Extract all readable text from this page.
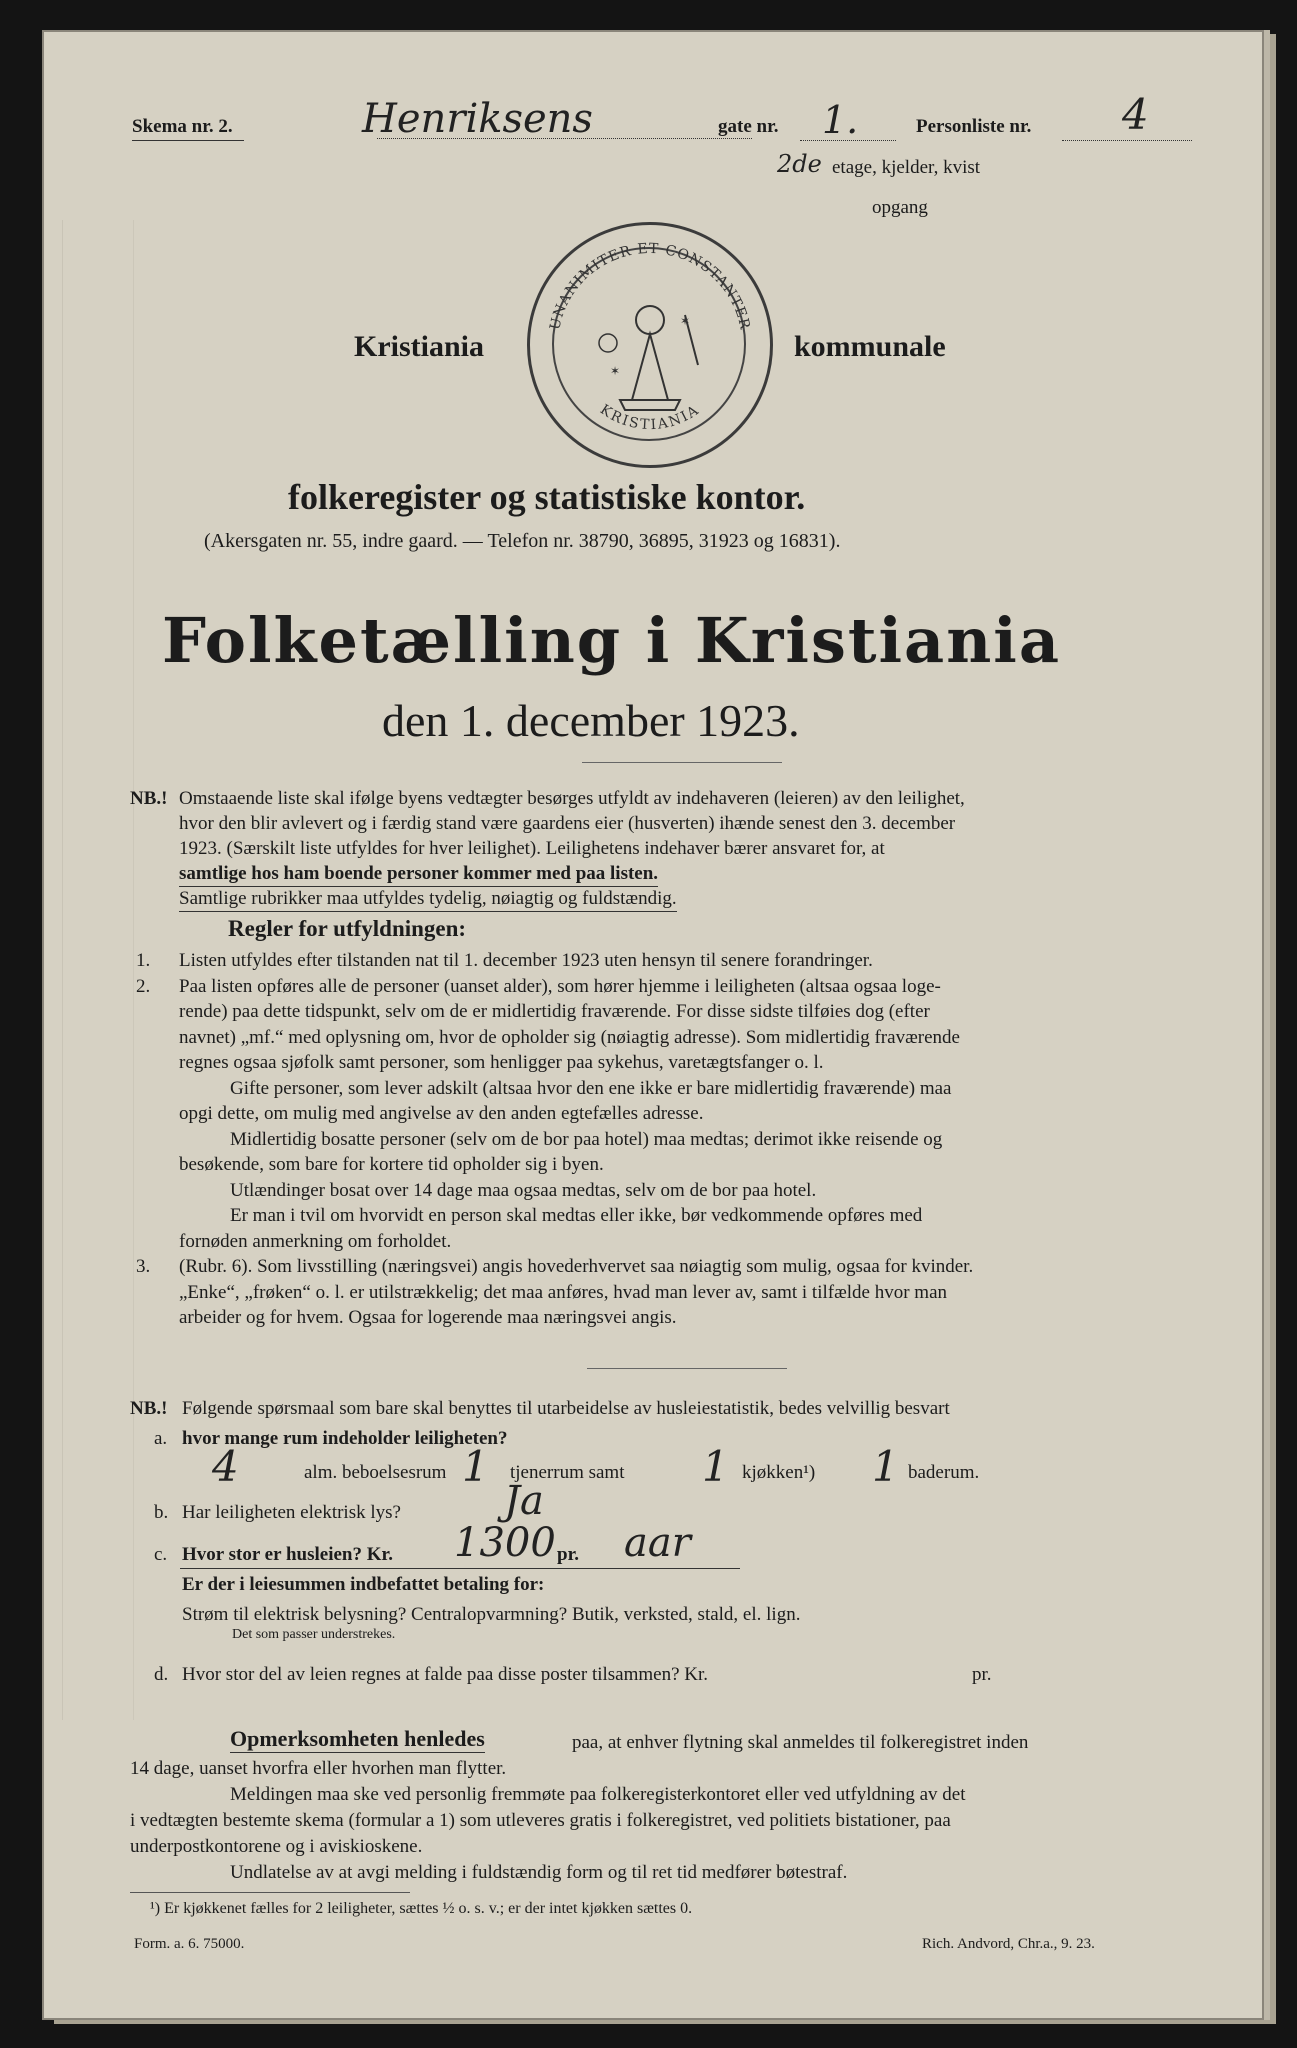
Skema nr. 2.	Henriksens	gate nr. 1.	Personliste nr. 4

2de etage, kjelder, kvist

opgang

Kristiania

UNANIMITER ET CONSTANTER
KRISTIANIA
✶
✶

kommunale

folkeregister og statistiske kontor.

(Akersgaten nr. 55, indre gaard. — Telefon nr. 38790, 36895, 31923 og 16831).

Folketælling i Kristiania

den 1. december 1923.

NB.! Omstaaende liste skal ifølge byens vedtægter besørges utfyldt av indehaveren (leieren) av den leilighet,

hvor den blir avlevert og i færdig stand være gaardens eier (husverten) ihænde senest den 3. december

1923. (Særskilt liste utfyldes for hver leilighet). Leilighetens indehaver bærer ansvaret for, at

samtlige hos ham boende personer kommer med paa listen.

Samtlige rubrikker maa utfyldes tydelig, nøiagtig og fuldstændig.

Regler for utfyldningen:

1. Listen utfyldes efter tilstanden nat til 1. december 1923 uten hensyn til senere forandringer.

2. Paa listen opføres alle de personer (uanset alder), som hører hjemme i leiligheten (altsaa ogsaa loge-

rende) paa dette tidspunkt, selv om de er midlertidig fraværende. For disse sidste tilføies dog (efter

navnet) „mf.“ med oplysning om, hvor de opholder sig (nøiagtig adresse). Som midlertidig fraværende

regnes ogsaa sjøfolk samt personer, som henligger paa sykehus, varetægtsfanger o. l.

Gifte personer, som lever adskilt (altsaa hvor den ene ikke er bare midlertidig fraværende) maa

opgi dette, om mulig med angivelse av den anden egtefælles adresse.

Midlertidig bosatte personer (selv om de bor paa hotel) maa medtas; derimot ikke reisende og

besøkende, som bare for kortere tid opholder sig i byen.

Utlændinger bosat over 14 dage maa ogsaa medtas, selv om de bor paa hotel.

Er man i tvil om hvorvidt en person skal medtas eller ikke, bør vedkommende opføres med

fornøden anmerkning om forholdet.

3. (Rubr. 6). Som livsstilling (næringsvei) angis hovederhvervet saa nøiagtig som mulig, ogsaa for kvinder.

„Enke“, „frøken“ o. l. er utilstrækkelig; det maa anføres, hvad man lever av, samt i tilfælde hvor man

arbeider og for hvem. Ogsaa for logerende maa næringsvei angis.

NB.! Følgende spørsmaal som bare skal benyttes til utarbeidelse av husleiestatistik, bedes velvillig besvart

a. hvor mange rum indeholder leiligheten?

4	alm. beboelsesrum 1 tjenerrum samt 1 kjøkken¹) 1 baderum.

b. Har leiligheten elektrisk lys?	Ja

c. Hvor stor er husleien? Kr. 1300 pr. aar

Er der i leiesummen indbefattet betaling for:

Strøm til elektrisk belysning? Centralopvarmning? Butik, verksted, stald, el. lign.

Det som passer understrekes.

d. Hvor stor del av leien regnes at falde paa disse poster tilsammen? Kr.	pr.

Opmerksomheten henledes	paa, at enhver flytning skal anmeldes til folkeregistret inden

14 dage, uanset hvorfra eller hvorhen man flytter.

Meldingen maa ske ved personlig fremmøte paa folkeregisterkontoret eller ved utfyldning av det

i vedtægten bestemte skema (formular a 1) som utleveres gratis i folkeregistret, ved politiets bistationer, paa

underpostkontorene og i aviskioskene.

Undlatelse av at avgi melding i fuldstændig form og til ret tid medfører bøtestraf.

¹) Er kjøkkenet fælles for 2 leiligheter, sættes ½ o. s. v.; er der intet kjøkken sættes 0.

Form. a. 6. 75000.	Rich. Andvord, Chr.a., 9. 23.
